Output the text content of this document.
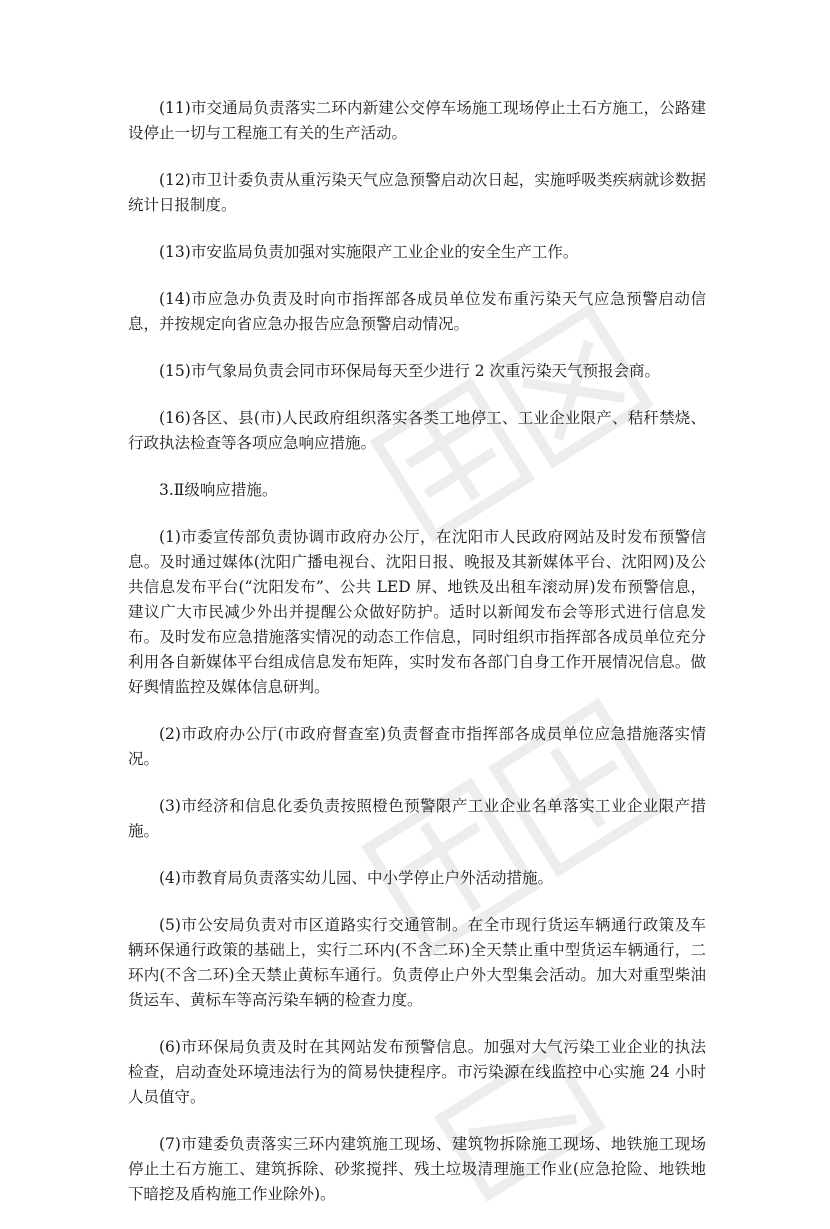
(11)市交通局负责落实二环内新建公交停车场施工现场停止土石方施工，公路建设停止一切与工程施工有关的生产活动。

(12)市卫计委负责从重污染天气应急预警启动次日起，实施呼吸类疾病就诊数据统计日报制度。

(13)市安监局负责加强对实施限产工业企业的安全生产工作。

(14)市应急办负责及时向市指挥部各成员单位发布重污染天气应急预警启动信息，并按规定向省应急办报告应急预警启动情况。

(15)市气象局负责会同市环保局每天至少进行 2 次重污染天气预报会商。

(16)各区、县(市)人民政府组织落实各类工地停工、工业企业限产、秸秆禁烧、行政执法检查等各项应急响应措施。

3.Ⅱ级响应措施。

(1)市委宣传部负责协调市政府办公厅，在沈阳市人民政府网站及时发布预警信息。及时通过媒体(沈阳广播电视台、沈阳日报、晚报及其新媒体平台、沈阳网)及公共信息发布平台(“沈阳发布”、公共 LED 屏、地铁及出租车滚动屏)发布预警信息，建议广大市民减少外出并提醒公众做好防护。适时以新闻发布会等形式进行信息发布。及时发布应急措施落实情况的动态工作信息，同时组织市指挥部各成员单位充分利用各自新媒体平台组成信息发布矩阵，实时发布各部门自身工作开展情况信息。做好舆情监控及媒体信息研判。

(2)市政府办公厅(市政府督查室)负责督查市指挥部各成员单位应急措施落实情况。

(3)市经济和信息化委负责按照橙色预警限产工业企业名单落实工业企业限产措施。

(4)市教育局负责落实幼儿园、中小学停止户外活动措施。

(5)市公安局负责对市区道路实行交通管制。在全市现行货运车辆通行政策及车辆环保通行政策的基础上，实行二环内(不含二环)全天禁止重中型货运车辆通行，二环内(不含二环)全天禁止黄标车通行。负责停止户外大型集会活动。加大对重型柴油货运车、黄标车等高污染车辆的检查力度。

(6)市环保局负责及时在其网站发布预警信息。加强对大气污染工业企业的执法检查，启动查处环境违法行为的简易快捷程序。市污染源在线监控中心实施 24 小时人员值守。

(7)市建委负责落实三环内建筑施工现场、建筑物拆除施工现场、地铁施工现场停止土石方施工、建筑拆除、砂浆搅拌、残土垃圾清理施工作业(应急抢险、地铁地下暗挖及盾构施工作业除外)。
